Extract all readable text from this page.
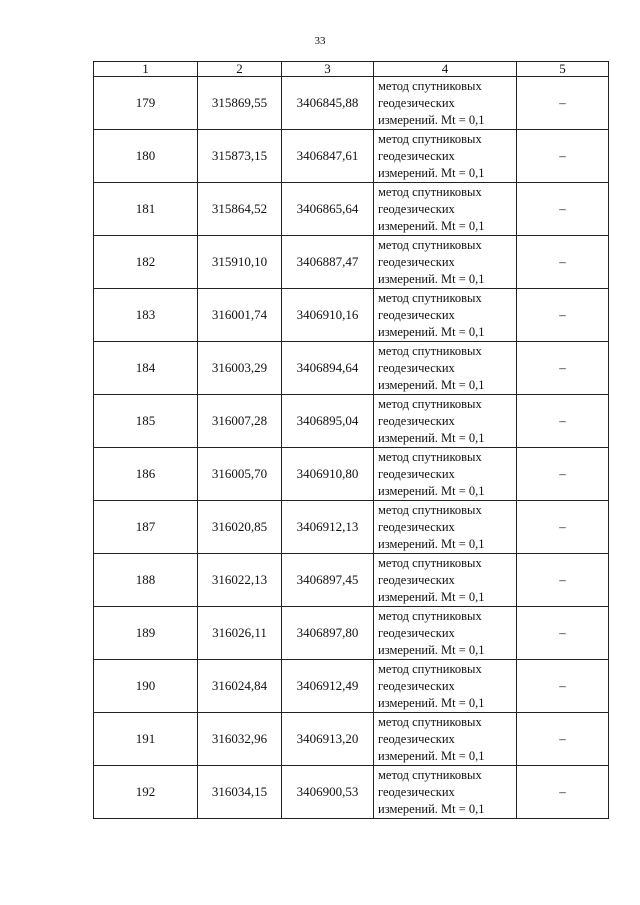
33
1	2	3	4	5
179	315869,55	3406845,88	метод спутниковых
геодезических
измерений. Mt = 0,1	–
180	315873,15	3406847,61	метод спутниковых
геодезических
измерений. Mt = 0,1	–
181	315864,52	3406865,64	метод спутниковых
геодезических
измерений. Mt = 0,1	–
182	315910,10	3406887,47	метод спутниковых
геодезических
измерений. Mt = 0,1	–
183	316001,74	3406910,16	метод спутниковых
геодезических
измерений. Mt = 0,1	–
184	316003,29	3406894,64	метод спутниковых
геодезических
измерений. Mt = 0,1	–
185	316007,28	3406895,04	метод спутниковых
геодезических
измерений. Mt = 0,1	–
186	316005,70	3406910,80	метод спутниковых
геодезических
измерений. Mt = 0,1	–
187	316020,85	3406912,13	метод спутниковых
геодезических
измерений. Mt = 0,1	–
188	316022,13	3406897,45	метод спутниковых
геодезических
измерений. Mt = 0,1	–
189	316026,11	3406897,80	метод спутниковых
геодезических
измерений. Mt = 0,1	–
190	316024,84	3406912,49	метод спутниковых
геодезических
измерений. Mt = 0,1	–
191	316032,96	3406913,20	метод спутниковых
геодезических
измерений. Mt = 0,1	–
192	316034,15	3406900,53	метод спутниковых
геодезических
измерений. Mt = 0,1	–
